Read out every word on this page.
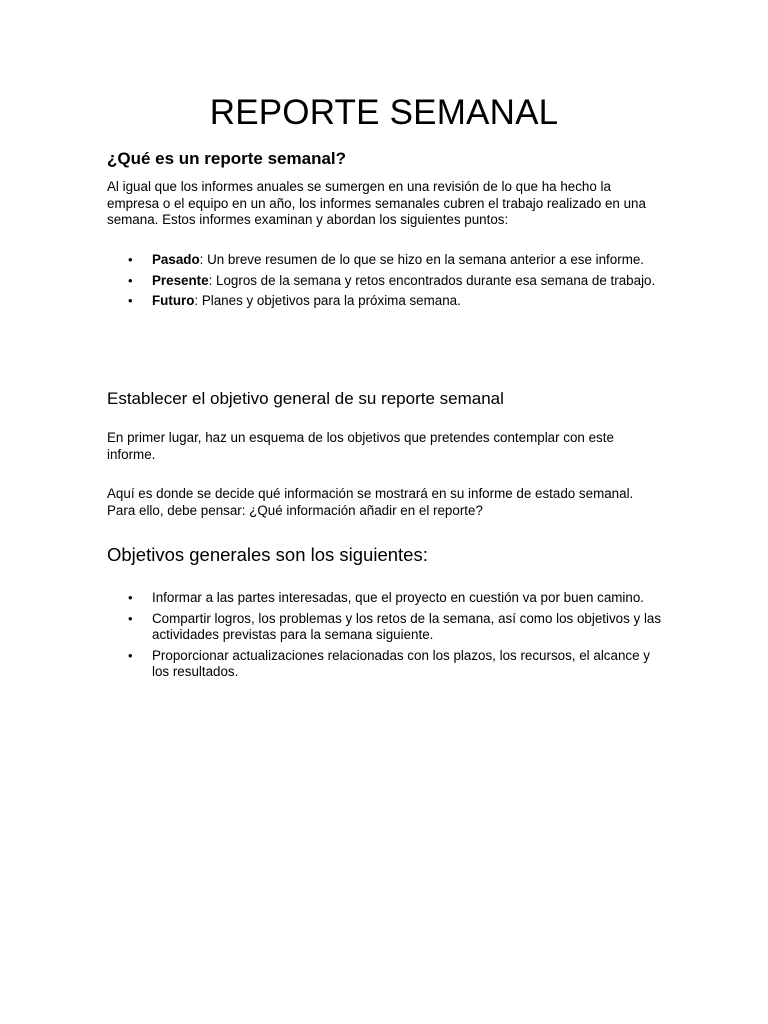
REPORTE SEMANAL
¿Qué es un reporte semanal?

Al igual que los informes anuales se sumergen en una revisión de lo que ha hecho la empresa o el equipo en un año, los informes semanales cubren el trabajo realizado en una semana. Estos informes examinan y abordan los siguientes puntos:

• Pasado: Un breve resumen de lo que se hizo en la semana anterior a ese informe.
• Presente: Logros de la semana y retos encontrados durante esa semana de trabajo.
• Futuro: Planes y objetivos para la próxima semana.
Establecer el objetivo general de su reporte semanal

En primer lugar, haz un esquema de los objetivos que pretendes contemplar con este informe.

Aquí es donde se decide qué información se mostrará en su informe de estado semanal. Para ello, debe pensar: ¿Qué información añadir en el reporte?

Objetivos generales son los siguientes:
• Informar a las partes interesadas, que el proyecto en cuestión va por buen camino.
• Compartir logros, los problemas y los retos de la semana, así como los objetivos y las actividades previstas para la semana siguiente.
• Proporcionar actualizaciones relacionadas con los plazos, los recursos, el alcance y los resultados.
